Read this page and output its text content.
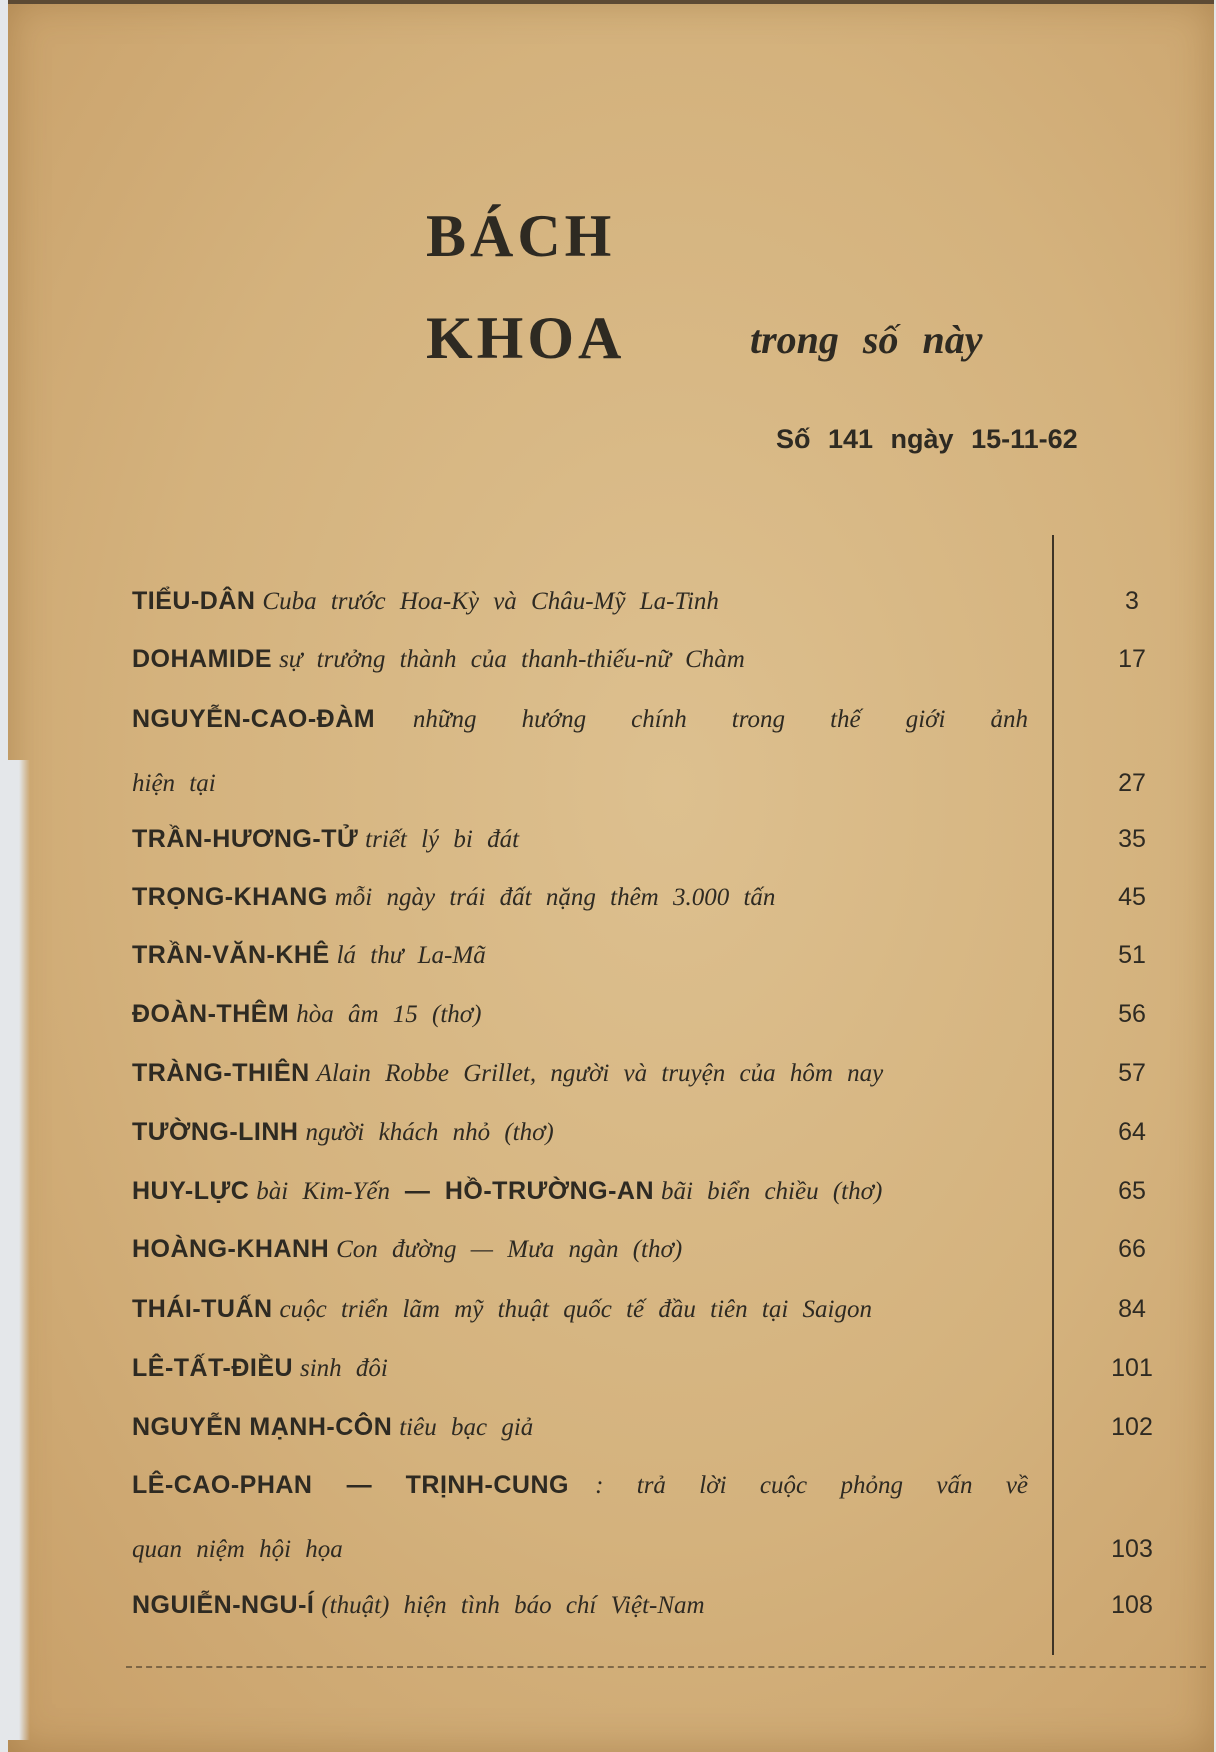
BÁCH
KHOA	trong số này
Số 141 ngày 15-11-62
TIỂU-DÂN Cuba trước Hoa-Kỳ và Châu-Mỹ La-Tinh	3
DOHAMIDE sự trưởng thành của thanh-thiếu-nữ Chàm	17
NGUYỄN-CAO-ĐÀM những hướng chính trong thế giới ảnh
hiện tại	27
TRẦN-HƯƠNG-TỬ triết lý bi đát	35
TRỌNG-KHANG mỗi ngày trái đất nặng thêm 3.000 tấn	45
TRẦN-VĂN-KHÊ lá thư La-Mã	51
ĐOÀN-THÊM hòa âm 15 (thơ)	56
TRÀNG-THIÊN Alain Robbe Grillet, người và truyện của hôm nay	57
TƯỜNG-LINH người khách nhỏ (thơ)	64
HUY-LỰC bài Kim-Yến — HỒ-TRƯỜNG-AN bãi biển chiều (thơ)	65
HOÀNG-KHANH Con đường — Mưa ngàn (thơ)	66
THÁI-TUẤN cuộc triển lãm mỹ thuật quốc tế đầu tiên tại Saigon	84
LÊ-TẤT-ĐIỀU sinh đôi	101
NGUYỄN MẠNH-CÔN tiêu bạc giả	102
LÊ-CAO-PHAN — TRỊNH-CUNG : trả lời cuộc phỏng vấn về
quan niệm hội họa	103
NGUIỄN-NGU-Í (thuật) hiện tình báo chí Việt-Nam	108
